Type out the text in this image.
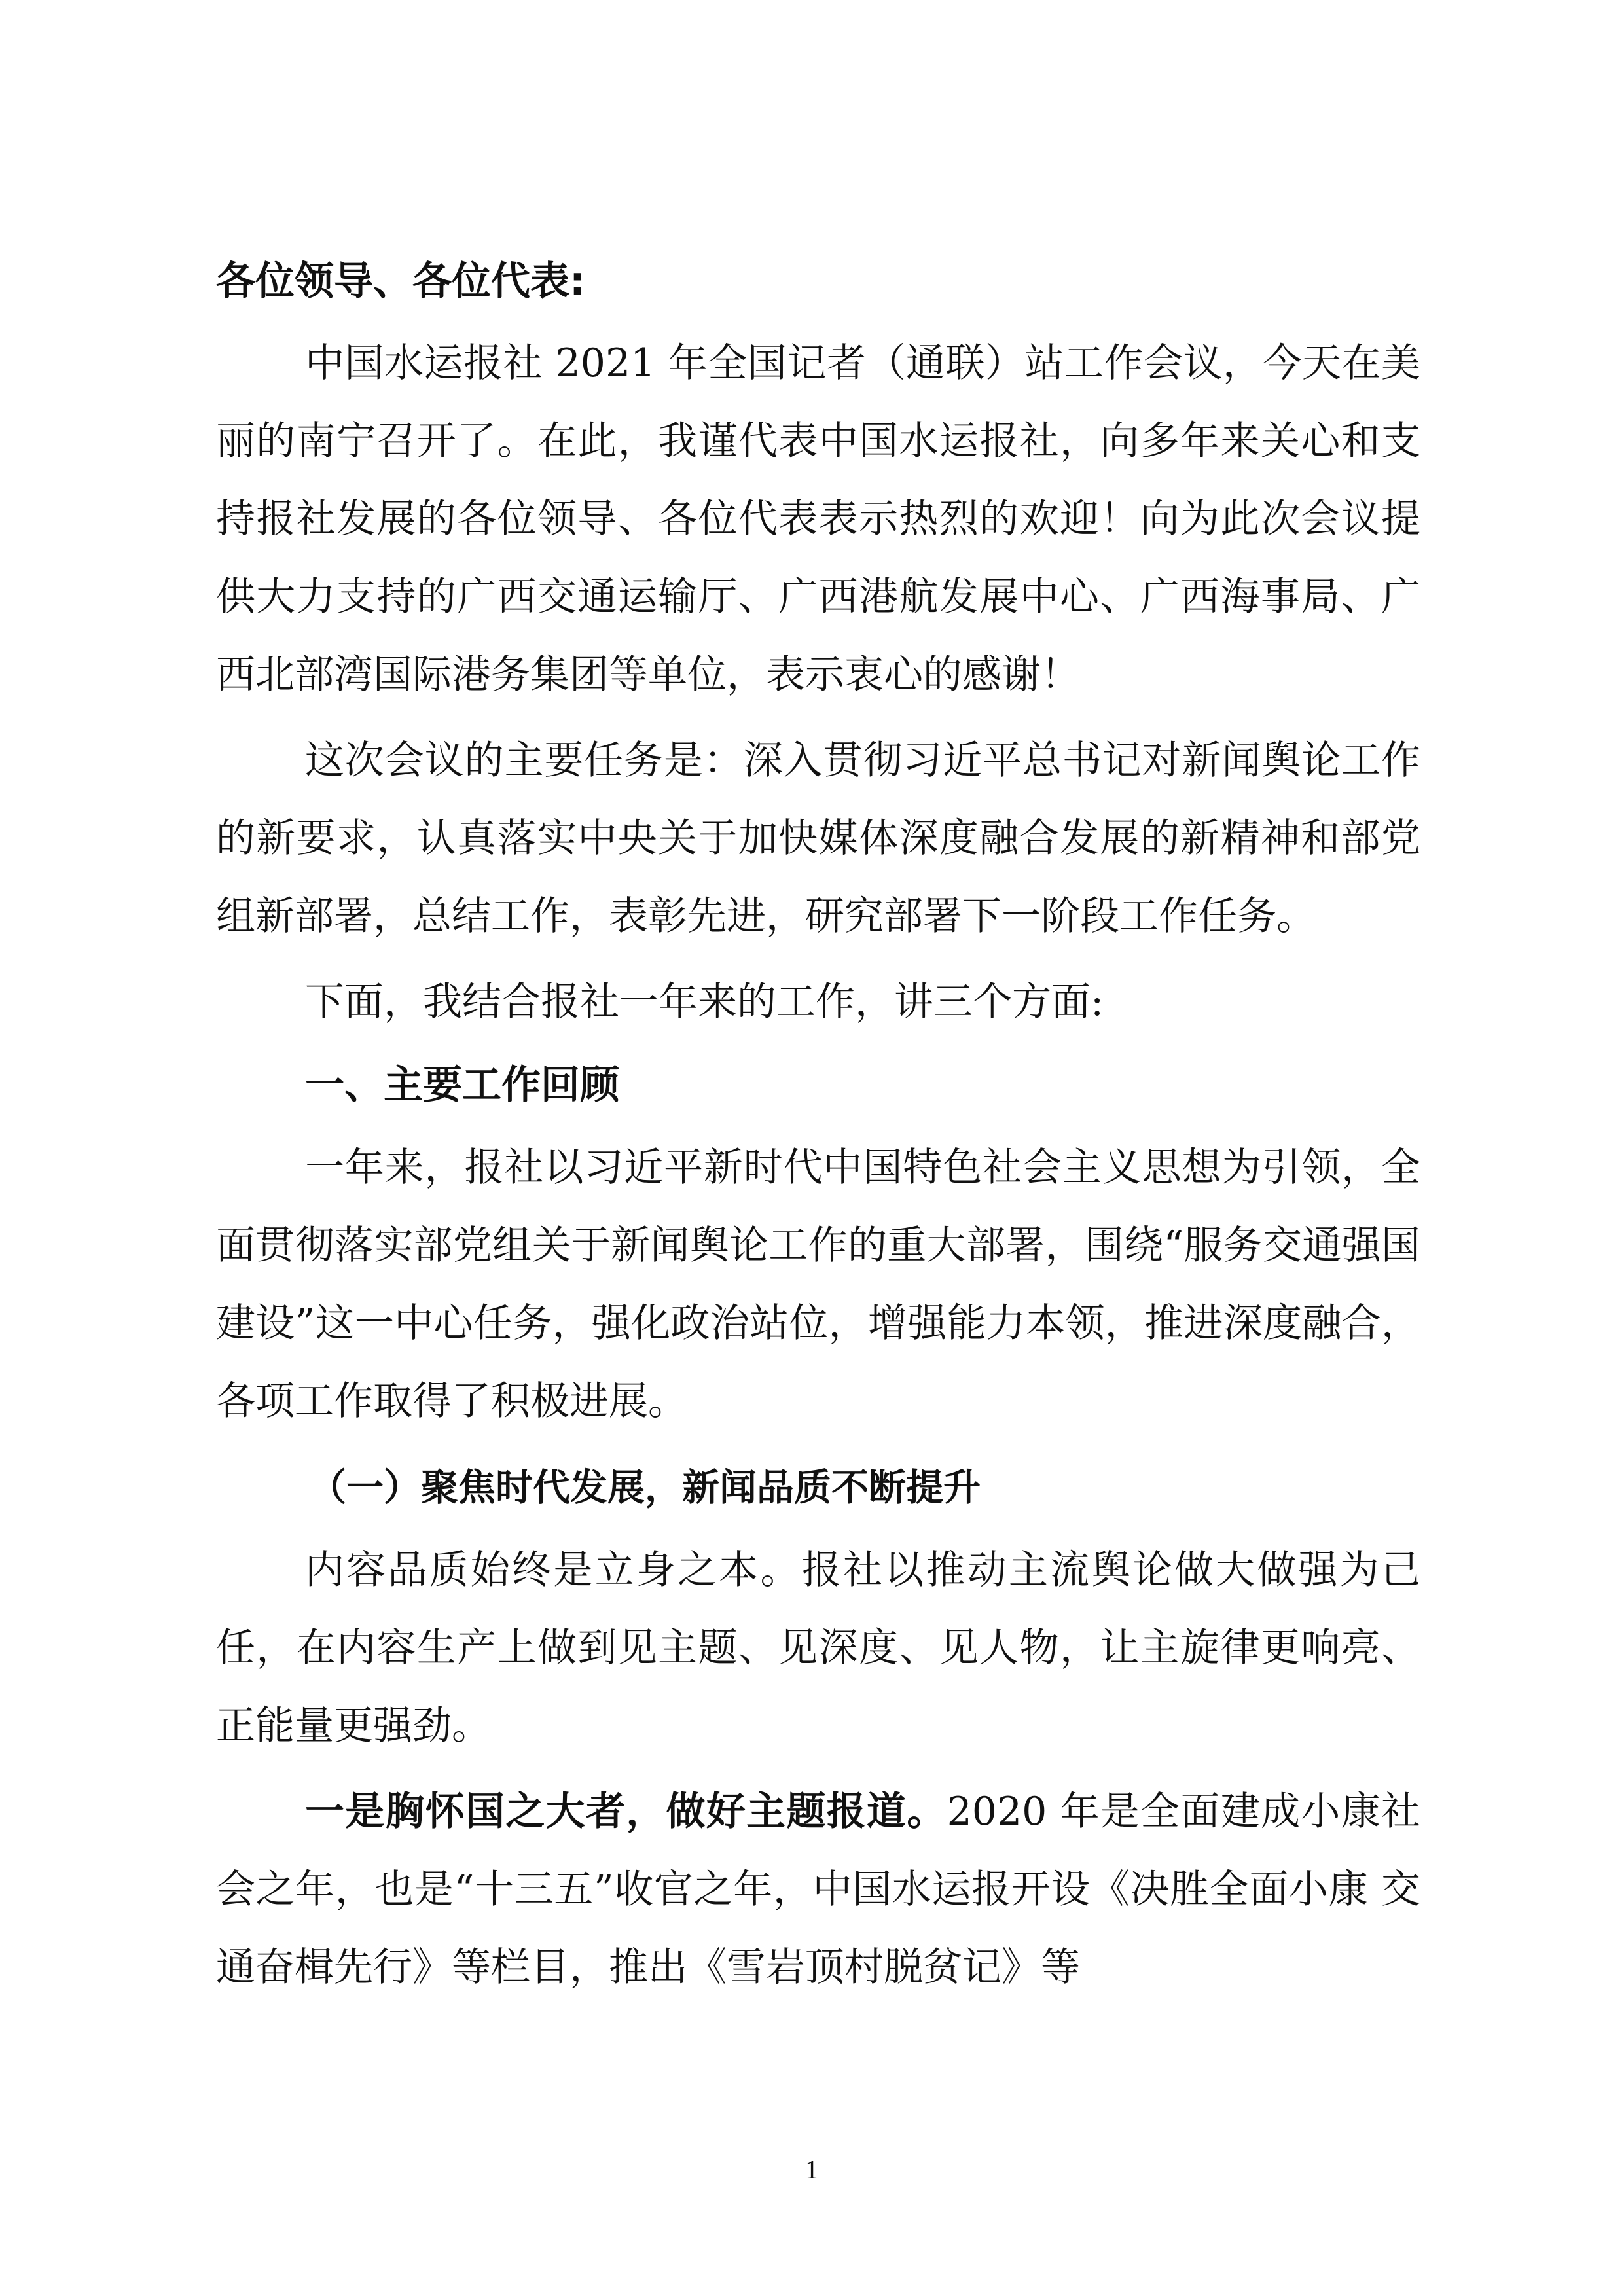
各位领导、各位代表:

中国水运报社 2021 年全国记者（通联）站工作会议，今天在美丽的南宁召开了。在此，我谨代表中国水运报社，向多年来关心和支持报社发展的各位领导、各位代表表示热烈的欢迎！向为此次会议提供大力支持的广西交通运输厅、广西港航发展中心、广西海事局、广西北部湾国际港务集团等单位，表示衷心的感谢！

这次会议的主要任务是：深入贯彻习近平总书记对新闻舆论工作的新要求，认真落实中央关于加快媒体深度融合发展的新精神和部党组新部署，总结工作，表彰先进，研究部署下一阶段工作任务。

下面，我结合报社一年来的工作，讲三个方面:

一、主要工作回顾

一年来，报社以习近平新时代中国特色社会主义思想为引领，全面贯彻落实部党组关于新闻舆论工作的重大部署，围绕“服务交通强国建设”这一中心任务，强化政治站位，增强能力本领，推进深度融合，各项工作取得了积极进展。

（一）聚焦时代发展，新闻品质不断提升

内容品质始终是立身之本。报社以推动主流舆论做大做强为己任，在内容生产上做到见主题、见深度、见人物，让主旋律更响亮、正能量更强劲。

一是胸怀国之大者，做好主题报道。2020 年是全面建成小康社会之年，也是“十三五”收官之年，中国水运报开设《决胜全面小康 交通奋楫先行》等栏目，推出《雪岩顶村脱贫记》等

1
